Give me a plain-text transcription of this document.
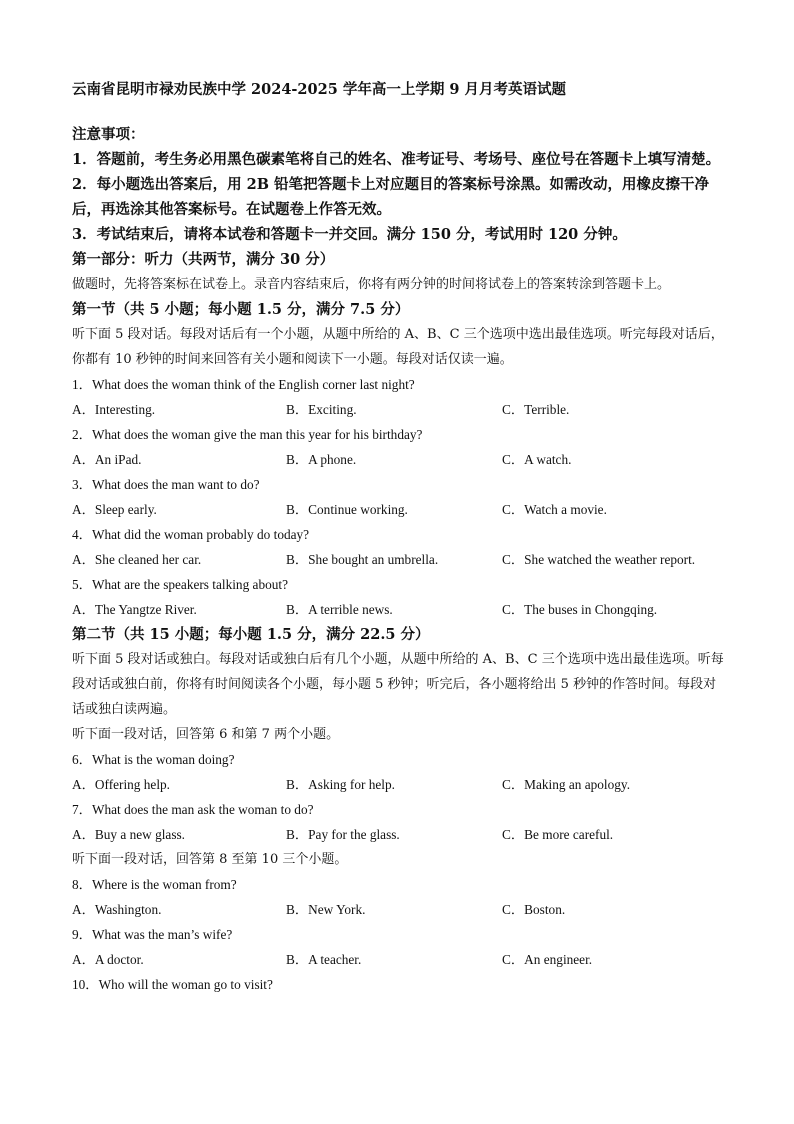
云南省昆明市禄劝民族中学 2024-2025 学年高一上学期 9 月月考英语试题

注意事项：

1．答题前，考生务必用黑色碳素笔将自己的姓名、准考证号、考场号、座位号在答题卡上填写清楚。

2．每小题选出答案后，用 2B 铅笔把答题卡上对应题目的答案标号涂黑。如需改动，用橡皮擦干净后，再选涂其他答案标号。在试题卷上作答无效。

3．考试结束后，请将本试卷和答题卡一并交回。满分 150 分，考试用时 120 分钟。

第一部分：听力（共两节，满分 30 分）

做题时，先将答案标在试卷上。录音内容结束后，你将有两分钟的时间将试卷上的答案转涂到答题卡上。

第一节（共 5 小题；每小题 1.5 分，满分 7.5 分）

听下面 5 段对话。每段对话后有一个小题，从题中所给的 A、B、C 三个选项中选出最佳选项。听完每段对话后，你都有 10 秒钟的时间来回答有关小题和阅读下一小题。每段对话仅读一遍。

1．What does the woman think of the English corner last night?

A．Interesting.	B．Exciting.	C．Terrible.

2．What does the woman give the man this year for his birthday?

A．An iPad.	B．A phone.	C．A watch.

3．What does the man want to do?

A．Sleep early.	B．Continue working.	C．Watch a movie.

4．What did the woman probably do today?

A．She cleaned her car.	B．She bought an umbrella.	C．She watched the weather report.

5．What are the speakers talking about?

A．The Yangtze River.	B．A terrible news.	C．The buses in Chongqing.

第二节（共 15 小题；每小题 1.5 分，满分 22.5 分）

听下面 5 段对话或独白。每段对话或独白后有几个小题，从题中所给的 A、B、C 三个选项中选出最佳选项。听每段对话或独白前，你将有时间阅读各个小题，每小题 5 秒钟；听完后，各小题将给出 5 秒钟的作答时间。每段对话或独白读两遍。

听下面一段对话，回答第 6 和第 7 两个小题。

6．What is the woman doing?

A．Offering help.	B．Asking for help.	C．Making an apology.

7．What does the man ask the woman to do?

A．Buy a new glass.	B．Pay for the glass.	C．Be more careful.

听下面一段对话，回答第 8 至第 10 三个小题。

8．Where is the woman from?

A．Washington.	B．New York.	C．Boston.

9．What was the man’s wife?

A．A doctor.	B．A teacher.	C．An engineer.

10．Who will the woman go to visit?
